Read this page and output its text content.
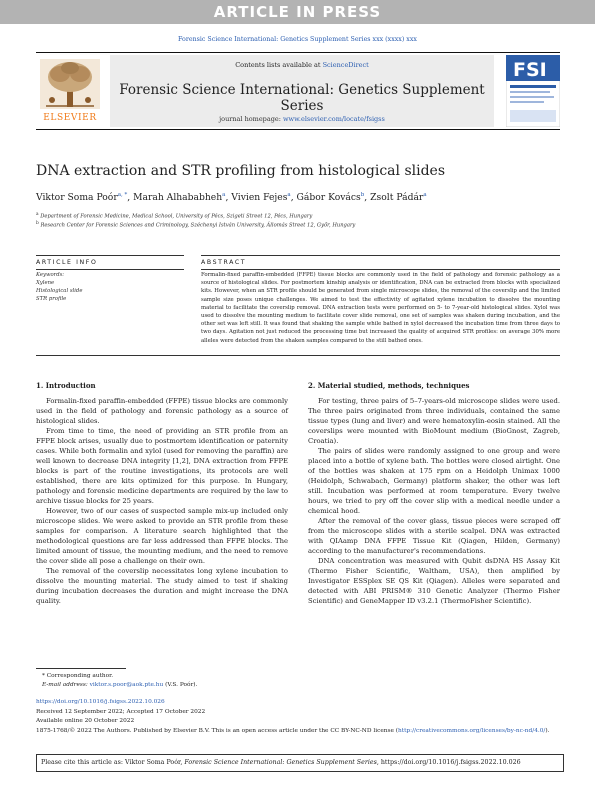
ARTICLE IN PRESS
Forensic Science International: Genetics Supplement Series xxx (xxxx) xxx
ELSEVIER
Contents lists available at ScienceDirect
Forensic Science International: Genetics Supplement Series
journal homepage: www.elsevier.com/locate/fsigss
FSI
DNA extraction and STR profiling from histological slides
Viktor Soma Poór$^{a, *}$, Marah Alhababheh$^a$, Vivien Fejes$^a$, Gábor Kovács$^b$, Zsolt Pádár$^a$
$^a$ Department of Forensic Medicine, Medical School, University of Pécs, Szigeti Street 12, Pécs, Hungary
$^b$ Research Center for Forensic Sciences and Criminology, Széchenyi István University, Állomás Street 12, Győr, Hungary
ARTICLE INFO	ABSTRACT
Keywords:
Xylene
Histological slide
STR profile
Formalin-fixed paraffin-embedded (FFPE) tissue blocks are commonly used in the field of pathology and forensic pathology as a source of histological slides. For postmortem kinship analysis or identification, DNA can be extracted from blocks with specialized kits. However, when an STR profile should be generated from single microscope slides, the removal of the coverslip and the limited sample size poses unique challenges. We aimed to test the effectivity of agitated xylene incubation to dissolve the mounting material to facilitate the coverslip removal. DNA extraction tests were performed on 5- to 7-year-old histological slides. Xylol was used to dissolve the mounting medium to facilitate cover slide removal, one set of samples was shaken during incubation, and the other set was left still. It was found that shaking the sample while bathed in xylol decreased the incubation time from three days to two days. Agitation not just reduced the processing time but increased the quality of acquired STR profiles: on average 30% more alleles were detected from the shaken samples compared to the still bathed ones.
1. Introduction

Formalin-fixed paraffin-embedded (FFPE) tissue blocks are commonly used in the field of pathology and forensic pathology as a source of histological slides.

From time to time, the need of providing an STR profile from an FFPE block arises, usually due to postmortem identification or paternity cases. While both formalin and xylol (used for removing the paraffin) are well known to decrease DNA integrity [1,2], DNA extraction from FFPE blocks is part of the routine investigations, its protocols are well established, there are kits optimized for this purpose. In Hungary, pathology and forensic medicine departments are required by the law to archive tissue blocks for 25 years.

However, two of our cases of suspected sample mix-up included only microscope slides. We were asked to provide an STR profile from these samples for comparison. A literature search highlighted that the methodological questions are far less addressed than FFPE blocks. The limited amount of tissue, the mounting medium, and the need to remove the cover slide all pose a challenge on their own.

The removal of the coverslip necessitates long xylene incubation to dissolve the mounting material. The study aimed to test if shaking during incubation decreases the duration and might increase the DNA quality.

2. Material studied, methods, techniques

For testing, three pairs of 5–7-years-old microscope slides were used. The three pairs originated from three individuals, contained the same tissue types (lung and liver) and were hematoxylin-eosin stained. All the coverslips were mounted with BioMount medium (BioGnost, Zagreb, Croatia).

The pairs of slides were randomly assigned to one group and were placed into a bottle of xylene bath. The bottles were closed airtight. One of the bottles was shaken at 175 rpm on a Heidolph Unimax 1000 (Heidolph, Schwabach, Germany) platform shaker, the other was left still. Incubation was performed at room temperature. Every twelve hours, we tried to pry off the cover slip with a medical needle under a chemical hood.

After the removal of the cover glass, tissue pieces were scraped off from the microscope slides with a sterile scalpel. DNA was extracted with QIAamp DNA FFPE Tissue Kit (Qiagen, Hilden, Germany) according to the manufacturer's recommendations.

DNA concentration was measured with Qubit dsDNA HS Assay Kit (Thermo Fisher Scientific, Waltham, USA), then amplified by Investigator ESSplex SE QS Kit (Qiagen). Alleles were separated and detected with ABI PRISM® 310 Genetic Analyzer (Thermo Fisher Scientific) and GeneMapper ID v3.2.1 (ThermoFisher Scientific).

* Corresponding author.
E-mail address: viktor.s.poor@aok.pte.hu (V.S. Poór).
https://doi.org/10.1016/j.fsigss.2022.10.026
Received 12 September 2022; Accepted 17 October 2022
Available online 20 October 2022
1875-1768/© 2022 The Authors. Published by Elsevier B.V. This is an open access article under the CC BY-NC-ND license (http://creativecommons.org/licenses/by-nc-nd/4.0/).
Please cite this article as: Viktor Soma Poór, Forensic Science International: Genetics Supplement Series, https://doi.org/10.1016/j.fsigss.2022.10.026
